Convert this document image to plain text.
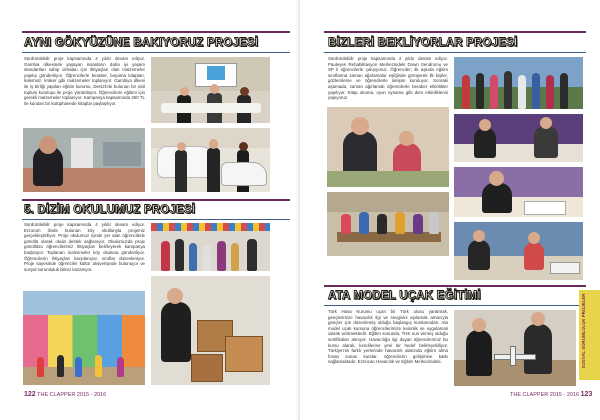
AYNI GÖKYÜZÜNE BAKIYORUZ PROJESİ
Sürdürülebilir proje kapsamında 4 yıldır devam ediyor. Gambia ülkesinde yaşayan insanların daha iyi yaşam standartları sahip olmaları için ihtiyaçları olan malzemeler yapılıp gönderiliyor. Öğrencilerle beraber, boyama kitapları, kalemsiz, kraker gibi malzemeler toplanıyor. Gambiya ülkesi ile iş birliği yapılan eğitim kurumu, Denizli'de bulunan bir sivil toplum kuruluşu ile proje yürütülüyor. Öğrencilerin eğitimi için gerekli malzemeler toplanıyor. Kampanya kapsamında 250 TL ile kurulan bir kütüphanede kitaplar paylaşılıyor.
5. DİZİM OKULUMUZ PROJESİ
Sürdürülebilir proje kapsamında 4 yıldır devam ediyor. Erzurum ilinde bulunan köy okullarıyla projemiz gerçekleştiriliyor. Proje okulumuz içinde yer alan öğrencilerle gönüllü olarak okula destek sağlanıyor. Okulumuzda proje gönüllüsü öğrencilerimiz ihtiyaçları belirleyerek kampanya başlatıyor. Toplanan malzemeler köy okuluna gönderiliyor. Öğrencilerin ihtiyaçları karşılanıyor, sınıflar düzenleniyor. Proje sayesinde öğrenciler kültür alışverişinde bulunuyor ve sosyal sorumluluk bilinci kazanıyor.
122 THE CLAPPER 2015 - 2016
BİZLERİ BEKLİYORLAR PROJESİ
Sürdürülebilir proje kapsamında 4 yıldır devam ediyor. Pauleyen Rehabilitasyon Merkezindeki Down Sendromu ve SP li öğrencilerle çalışıyoruz. Öğrenciler; ilk aşkıda eğitim sınıflarına zaman ağırlamalar eşliğinde görüşerek ilk kişiler, gözlemleme ve öğrencilerle iletişim kuruluyor. Sonraki aşamada, zaman ağırlamalı öğrencilerle beraber etkinlikler yapılıyor. Kitap okuma, oyun oynama gibi ders etkinliklerini yapıyoruz.
ATA MODEL UÇAK EĞİTİMİ
Türk Hava Kurumu uçan bir Türk ulusu yaratmak, gençlerimize havacılık ilgi ve sevgisini aşılamak amacıyla gençler için düzenlemiş olduğu başlangıç kurslarından; Ata model uçak kursuna öğrencilerimize kesinlik ve uygulamalı olarak verilmektedir. Eğitim sonunda, THK nun vermiş olduğu sertifikaları alınıyor. Havacılığa ilgi duyan öğrencilerimiz bu kursu alarak, kendilerine yeni bir hedef belirleyebiliyor. Türkiye'nin farklı yerlerinde havacılık alanında eğitim alma fırsatı sunan kurslar, öğrencilerin gelişimine katkı sağlamaktadır. Erzincan Havacılık ve Eğitim Merkezindeki.
THE CLAPPER 2015 - 2016 123
SOSYAL SORUMLULUK PROJELER
